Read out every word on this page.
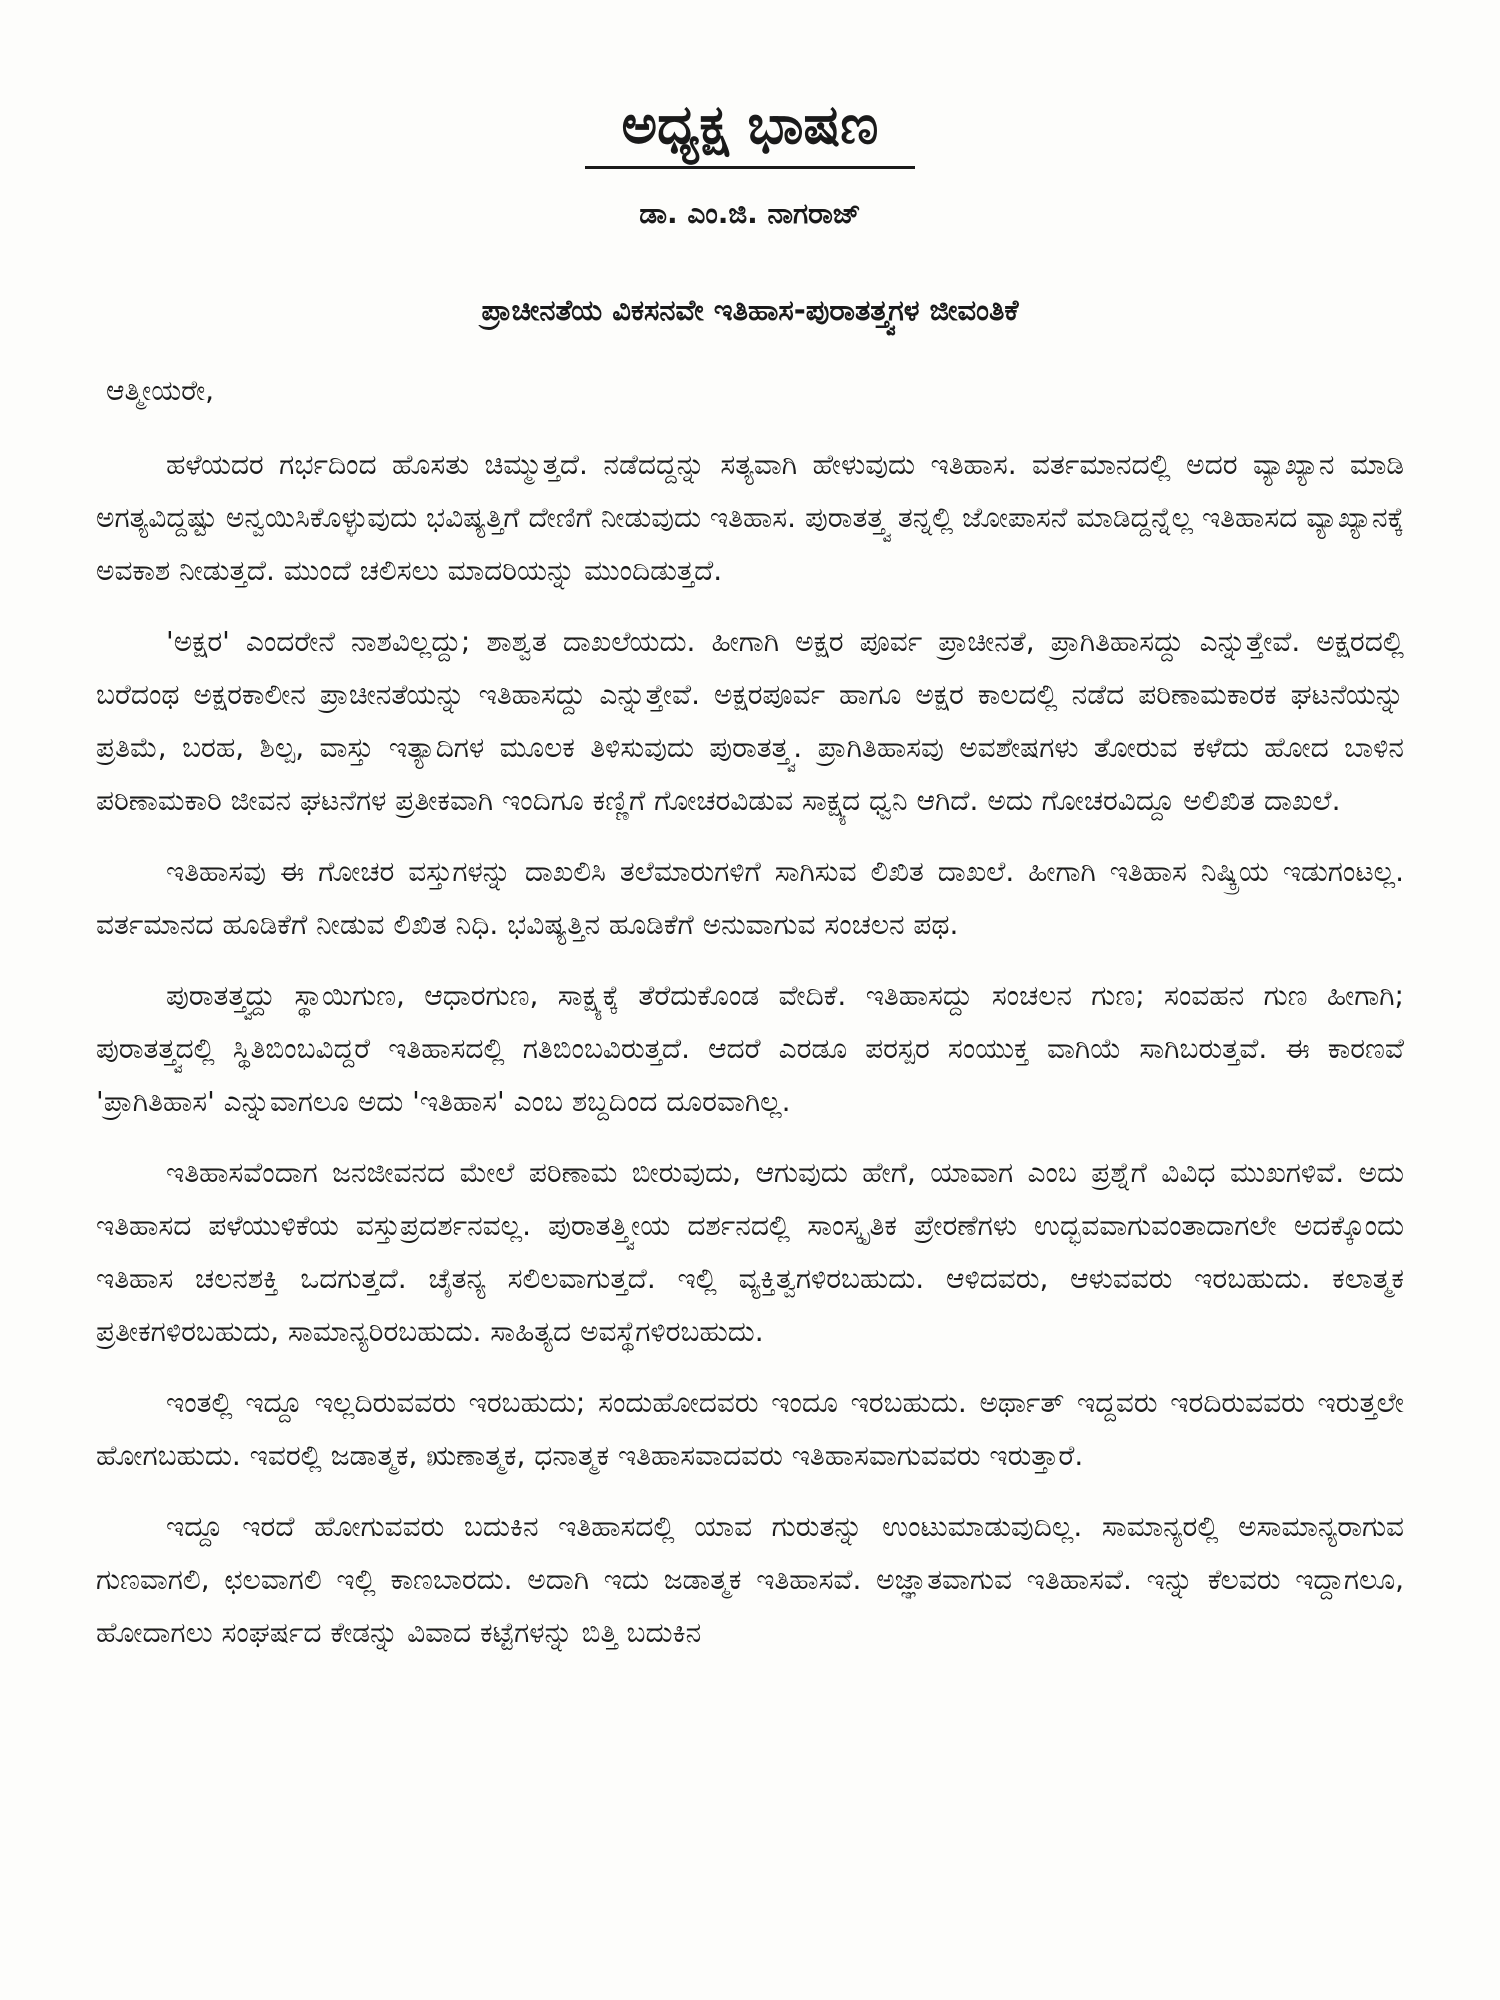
ಅಧ್ಯಕ್ಷ ಭಾಷಣ
ಡಾ. ಎಂ.ಜಿ. ನಾಗರಾಜ್
ಪ್ರಾಚೀನತೆಯ ವಿಕಸನವೇ ಇತಿಹಾಸ-ಪುರಾತತ್ತ್ವಗಳ ಜೀವಂತಿಕೆ
ಆತ್ಮೀಯರೇ,

ಹಳೆಯದರ ಗರ್ಭದಿಂದ ಹೊಸತು ಚಿಮ್ಮುತ್ತದೆ. ನಡೆದದ್ದನ್ನು ಸತ್ಯವಾಗಿ ಹೇಳುವುದು ಇತಿಹಾಸ. ವರ್ತಮಾನದಲ್ಲಿ ಅದರ ವ್ಯಾಖ್ಯಾನ ಮಾಡಿ ಅಗತ್ಯವಿದ್ದಷ್ಟು ಅನ್ವಯಿಸಿಕೊಳ್ಳುವುದು ಭವಿಷ್ಯತ್ತಿಗೆ ದೇಣಿಗೆ ನೀಡುವುದು ಇತಿಹಾಸ. ಪುರಾತತ್ತ್ವ ತನ್ನಲ್ಲಿ ಜೋಪಾಸನೆ ಮಾಡಿದ್ದನ್ನೆಲ್ಲ ಇತಿಹಾಸದ ವ್ಯಾಖ್ಯಾನಕ್ಕೆ ಅವಕಾಶ ನೀಡುತ್ತದೆ. ಮುಂದೆ ಚಲಿಸಲು ಮಾದರಿಯನ್ನು ಮುಂದಿಡುತ್ತದೆ.

'ಅಕ್ಷರ' ಎಂದರೇನೆ ನಾಶವಿಲ್ಲದ್ದು; ಶಾಶ್ವತ ದಾಖಲೆಯದು. ಹೀಗಾಗಿ ಅಕ್ಷರ ಪೂರ್ವ ಪ್ರಾಚೀನತೆ, ಪ್ರಾಗಿತಿಹಾಸದ್ದು ಎನ್ನುತ್ತೇವೆ. ಅಕ್ಷರದಲ್ಲಿ ಬರೆದಂಥ ಅಕ್ಷರಕಾಲೀನ ಪ್ರಾಚೀನತೆಯನ್ನು ಇತಿಹಾಸದ್ದು ಎನ್ನುತ್ತೇವೆ. ಅಕ್ಷರಪೂರ್ವ ಹಾಗೂ ಅಕ್ಷರ ಕಾಲದಲ್ಲಿ ನಡೆದ ಪರಿಣಾಮಕಾರಕ ಘಟನೆಯನ್ನು ಪ್ರತಿಮೆ, ಬರಹ, ಶಿಲ್ಪ, ವಾಸ್ತು ಇತ್ಯಾದಿಗಳ ಮೂಲಕ ತಿಳಿಸುವುದು ಪುರಾತತ್ತ್ವ. ಪ್ರಾಗಿತಿಹಾಸವು ಅವಶೇಷಗಳು ತೋರುವ ಕಳೆದು ಹೋದ ಬಾಳಿನ ಪರಿಣಾಮಕಾರಿ ಜೀವನ ಘಟನೆಗಳ ಪ್ರತೀಕವಾಗಿ ಇಂದಿಗೂ ಕಣ್ಣಿಗೆ ಗೋಚರವಿಡುವ ಸಾಕ್ಷ್ಯದ ಧ್ವನಿ ಆಗಿದೆ. ಅದು ಗೋಚರವಿದ್ದೂ ಅಲಿಖಿತ ದಾಖಲೆ.

ಇತಿಹಾಸವು ಈ ಗೋಚರ ವಸ್ತುಗಳನ್ನು ದಾಖಲಿಸಿ ತಲೆಮಾರುಗಳಿಗೆ ಸಾಗಿಸುವ ಲಿಖಿತ ದಾಖಲೆ. ಹೀಗಾಗಿ ಇತಿಹಾಸ ನಿಷ್ಕ್ರಿಯ ಇಡುಗಂಟಲ್ಲ. ವರ್ತಮಾನದ ಹೂಡಿಕೆಗೆ ನೀಡುವ ಲಿಖಿತ ನಿಧಿ. ಭವಿಷ್ಯತ್ತಿನ ಹೂಡಿಕೆಗೆ ಅನುವಾಗುವ ಸಂಚಲನ ಪಥ.

ಪುರಾತತ್ತ್ವದ್ದು ಸ್ಥಾಯಿಗುಣ, ಆಧಾರಗುಣ, ಸಾಕ್ಷ್ಯಕ್ಕೆ ತೆರೆದುಕೊಂಡ ವೇದಿಕೆ. ಇತಿಹಾಸದ್ದು ಸಂಚಲನ ಗುಣ; ಸಂವಹನ ಗುಣ ಹೀಗಾಗಿ; ಪುರಾತತ್ತ್ವದಲ್ಲಿ ಸ್ಥಿತಿಬಿಂಬವಿದ್ದರೆ ಇತಿಹಾಸದಲ್ಲಿ ಗತಿಬಿಂಬವಿರುತ್ತದೆ. ಆದರೆ ಎರಡೂ ಪರಸ್ಪರ ಸಂಯುಕ್ತ ವಾಗಿಯೆ ಸಾಗಿಬರುತ್ತವೆ. ಈ ಕಾರಣವೆ 'ಪ್ರಾಗಿತಿಹಾಸ' ಎನ್ನುವಾಗಲೂ ಅದು 'ಇತಿಹಾಸ' ಎಂಬ ಶಬ್ದದಿಂದ ದೂರವಾಗಿಲ್ಲ.

ಇತಿಹಾಸವೆಂದಾಗ ಜನಜೀವನದ ಮೇಲೆ ಪರಿಣಾಮ ಬೀರುವುದು, ಆಗುವುದು ಹೇಗೆ, ಯಾವಾಗ ಎಂಬ ಪ್ರಶ್ನೆಗೆ ವಿವಿಧ ಮುಖಗಳಿವೆ. ಅದು ಇತಿಹಾಸದ ಪಳೆಯುಳಿಕೆಯ ವಸ್ತುಪ್ರದರ್ಶನವಲ್ಲ. ಪುರಾತತ್ತ್ವೀಯ ದರ್ಶನದಲ್ಲಿ ಸಾಂಸ್ಕೃತಿಕ ಪ್ರೇರಣೆಗಳು ಉದ್ಭವವಾಗುವಂತಾದಾಗಲೇ ಅದಕ್ಕೊಂದು ಇತಿಹಾಸ ಚಲನಶಕ್ತಿ ಒದಗುತ್ತದೆ. ಚೈತನ್ಯ ಸಲಿಲವಾಗುತ್ತದೆ. ಇಲ್ಲಿ ವ್ಯಕ್ತಿತ್ವಗಳಿರಬಹುದು. ಆಳಿದವರು, ಆಳುವವರು ಇರಬಹುದು. ಕಲಾತ್ಮಕ ಪ್ರತೀಕಗಳಿರಬಹುದು, ಸಾಮಾನ್ಯರಿರಬಹುದು. ಸಾಹಿತ್ಯದ ಅವಸ್ಥೆಗಳಿರಬಹುದು.

ಇಂತಲ್ಲಿ ಇದ್ದೂ ಇಲ್ಲದಿರುವವರು ಇರಬಹುದು; ಸಂದುಹೋದವರು ಇಂದೂ ಇರಬಹುದು. ಅರ್ಥಾತ್ ಇದ್ದವರು ಇರದಿರುವವರು ಇರುತ್ತಲೇ ಹೋಗಬಹುದು. ಇವರಲ್ಲಿ ಜಡಾತ್ಮಕ, ಋಣಾತ್ಮಕ, ಧನಾತ್ಮಕ ಇತಿಹಾಸವಾದವರು ಇತಿಹಾಸವಾಗುವವರು ಇರುತ್ತಾರೆ.

ಇದ್ದೂ ಇರದೆ ಹೋಗುವವರು ಬದುಕಿನ ಇತಿಹಾಸದಲ್ಲಿ ಯಾವ ಗುರುತನ್ನು ಉಂಟುಮಾಡುವುದಿಲ್ಲ. ಸಾಮಾನ್ಯರಲ್ಲಿ ಅಸಾಮಾನ್ಯರಾಗುವ ಗುಣವಾಗಲಿ, ಛಲವಾಗಲಿ ಇಲ್ಲಿ ಕಾಣಬಾರದು. ಅದಾಗಿ ಇದು ಜಡಾತ್ಮಕ ಇತಿಹಾಸವೆ. ಅಜ್ಞಾತವಾಗುವ ಇತಿಹಾಸವೆ. ಇನ್ನು ಕೆಲವರು ಇದ್ದಾಗಲೂ, ಹೋದಾಗಲು ಸಂಘರ್ಷದ ಕೇಡನ್ನು ವಿವಾದ ಕಟ್ಟೆಗಳನ್ನು ಬಿತ್ತಿ ಬದುಕಿನ
